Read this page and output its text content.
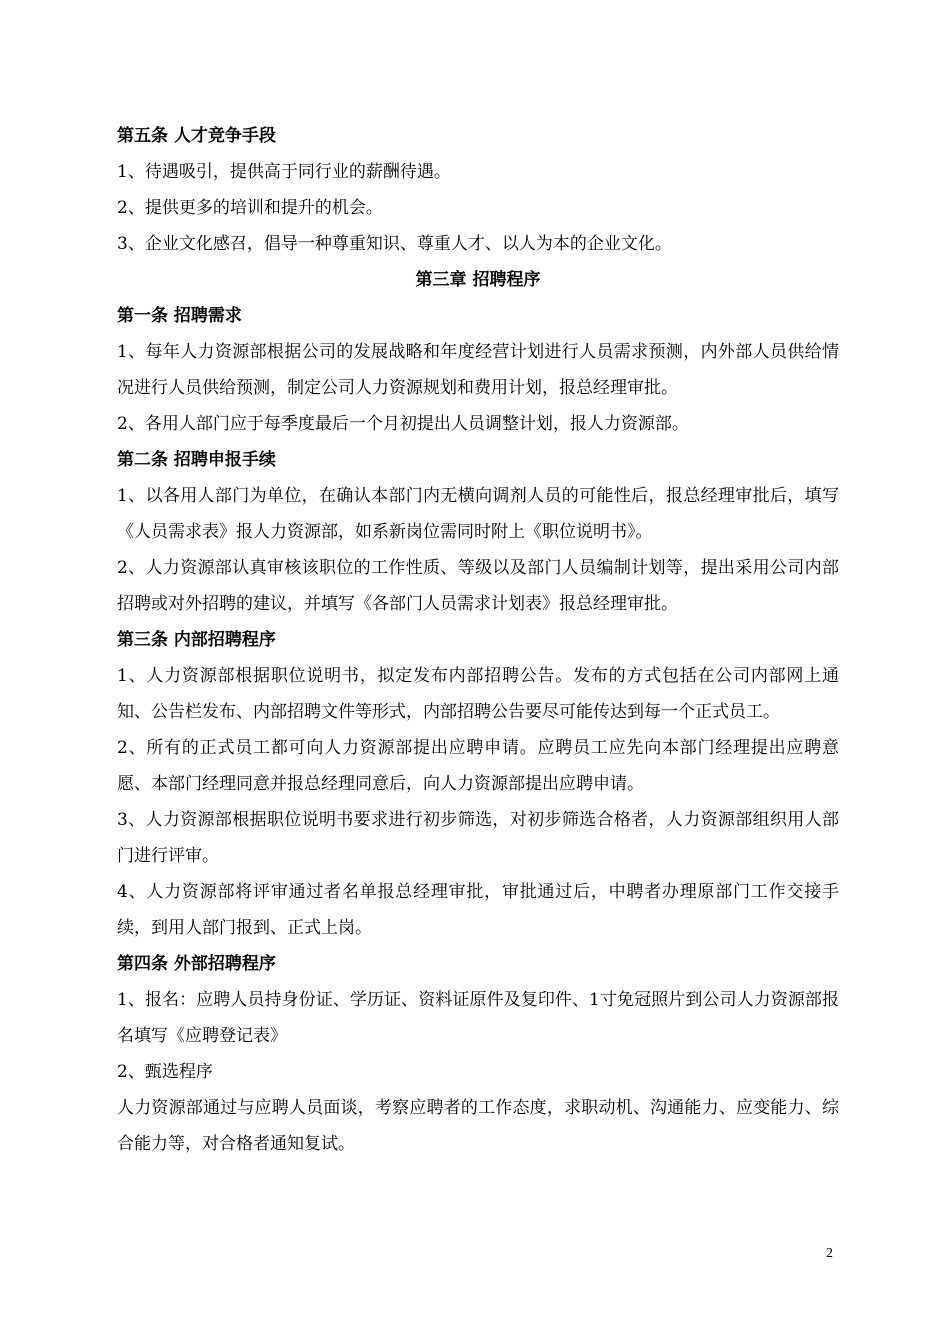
第五条 人才竞争手段
1、待遇吸引，提供高于同行业的薪酬待遇。
2、提供更多的培训和提升的机会。
3、企业文化感召，倡导一种尊重知识、尊重人才、以人为本的企业文化。
第三章 招聘程序
第一条 招聘需求
1、每年人力资源部根据公司的发展战略和年度经营计划进行人员需求预测，内外部人员供给情况进行人员供给预测，制定公司人力资源规划和费用计划，报总经理审批。
2、各用人部门应于每季度最后一个月初提出人员调整计划，报人力资源部。
第二条 招聘申报手续
1、以各用人部门为单位，在确认本部门内无横向调剂人员的可能性后，报总经理审批后，填写《人员需求表》报人力资源部，如系新岗位需同时附上《职位说明书》。
2、人力资源部认真审核该职位的工作性质、等级以及部门人员编制计划等，提出采用公司内部招聘或对外招聘的建议，并填写《各部门人员需求计划表》报总经理审批。
第三条 内部招聘程序
1、人力资源部根据职位说明书，拟定发布内部招聘公告。发布的方式包括在公司内部网上通知、公告栏发布、内部招聘文件等形式，内部招聘公告要尽可能传达到每一个正式员工。
2、所有的正式员工都可向人力资源部提出应聘申请。应聘员工应先向本部门经理提出应聘意愿、本部门经理同意并报总经理同意后，向人力资源部提出应聘申请。
3、人力资源部根据职位说明书要求进行初步筛选，对初步筛选合格者，人力资源部组织用人部门进行评审。
4、人力资源部将评审通过者名单报总经理审批，审批通过后，中聘者办理原部门工作交接手续，到用人部门报到、正式上岗。
第四条 外部招聘程序
1、报名：应聘人员持身份证、学历证、资料证原件及复印件、1寸免冠照片到公司人力资源部报名填写《应聘登记表》
2、甄选程序
人力资源部通过与应聘人员面谈，考察应聘者的工作态度，求职动机、沟通能力、应变能力、综合能力等，对合格者通知复试。
2
